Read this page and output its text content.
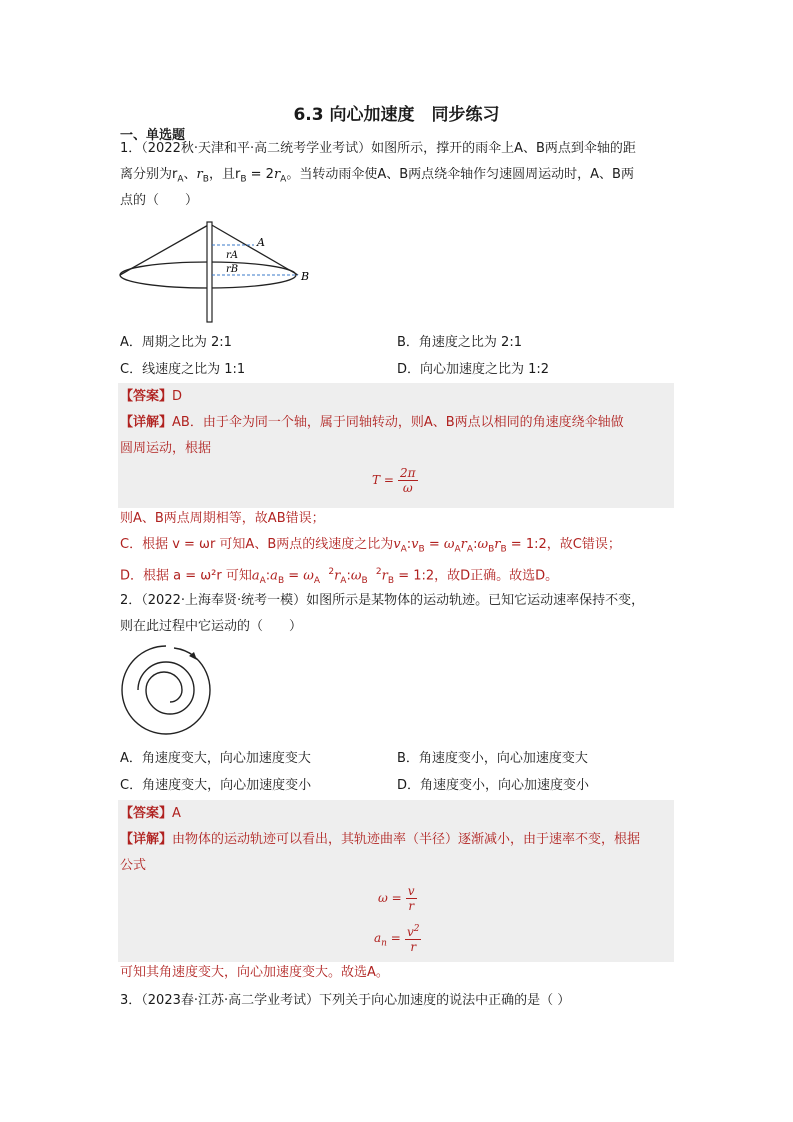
6.3 向心加速度　同步练习
一、单选题
1．（2022秋·天津和平·高二统考学业考试）如图所示，撑开的雨伞上A、B两点到伞轴的距
离分别为$r_A$、$r_B$，且$r_B = 2r_A$。当转动雨伞使A、B两点绕伞轴作匀速圆周运动时，A、B两
点的（　　）
A
B
rA
rB
A．周期之比为 2:1	B．角速度之比为 2:1
C．线速度之比为 1:1	D．向心加速度之比为 1:2
【答案】D
【详解】AB．由于伞为同一个轴，属于同轴转动，则A、B两点以相同的角速度绕伞轴做
圆周运动，根据
$T = \frac{2\pi}{\omega}$
则A、B两点周期相等，故AB错误；
C．根据 v = ωr 可知A、B两点的线速度之比为$v_A:v_B$ = $\omega_Ar_A:\omega_Br_B$ = 1:2，故C错误；
D．根据 a = ω²r 可知$a_A:a_B = \omega_A$  $^2r_A:\omega_B$  $^2r_B$ = 1:2，故D正确。故选D。
2．（2022·上海奉贤·统考一模）如图所示是某物体的运动轨迹。已知它运动速率保持不变，
则在此过程中它运动的（　　）
A．角速度变大，向心加速度变大	B．角速度变小，向心加速度变大
C．角速度变大，向心加速度变小	D．角速度变小，向心加速度变小
【答案】A
【详解】由物体的运动轨迹可以看出，其轨迹曲率（半径）逐渐减小，由于速率不变，根据
公式
$\omega = \frac{v}{r}$
$a_n = \frac{v^2}{r}$
可知其角速度变大，向心加速度变大。故选A。
3．（2023春·江苏·高二学业考试）下列关于向心加速度的说法中正确的是（ ）
